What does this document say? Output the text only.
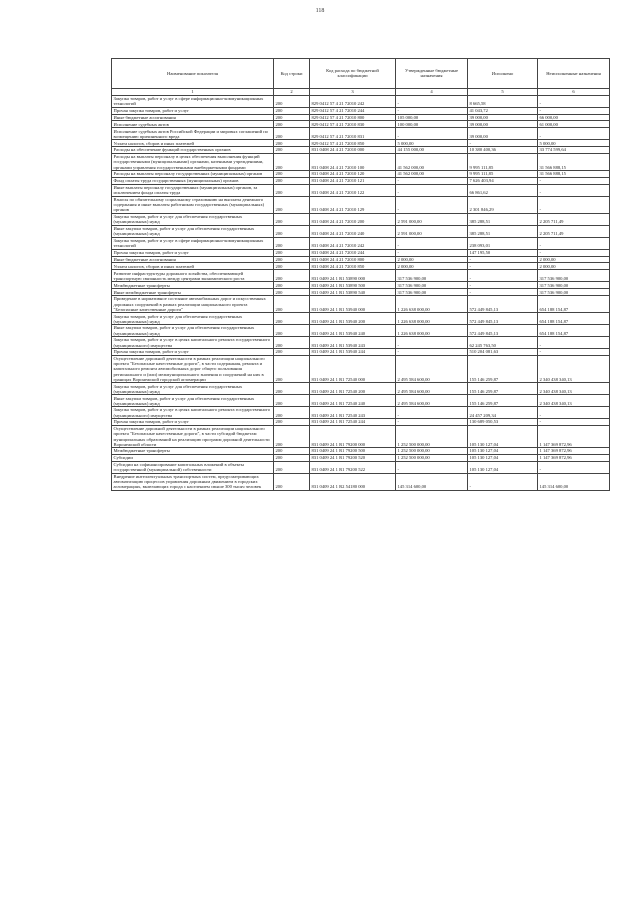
118
Наименование показателя	Код строки	Код расхода по бюджетной классификации	Утвержденные бюджетные назначения	Исполнено	Неисполненные назначения
1	2	3	4	5	6
Закупка товаров, работ и услуг в сфере информационно-коммуникационных технологий	200	829 0412 57 4 21 72010 242	-	8 665,58	-
Прочая закупка товаров, работ и услуг	200	829 0412 57 4 21 72010 244	-	41 043,72	-
Иные бюджетные ассигнования	200	829 0412 57 4 21 72010 800	105 000,00	39 000,00	66 000,00
Исполнение судебных актов	200	829 0412 57 4 21 72010 830	100 000,00	39 000,00	61 000,00
Исполнение судебных актов Российской Федерации и мировых соглашений по возмещению причиненного вреда	200	829 0412 57 4 21 72010 831	-	39 000,00	-
Уплата налогов, сборов и иных платежей	200	829 0412 57 4 21 72010 850	5 000,00	-	5 000,00
Расходы на обеспечение функций государственных органов	200	831 0408 24 4 21 72010 000	44 155 000,00	10 380 400,36	33 774 599,64
Расходы на выплаты персоналу в целях обеспечения выполнения функций государственными (муниципальными) органами, казенными учреждениями, органами управления государственными внебюджетными фондами	200	831 0408 24 4 21 72010 100	41 562 000,00	9 995 111,85	31 566 888,15
Расходы на выплаты персоналу государственных (муниципальных) органов	200	831 0408 24 4 21 72010 120	41 562 000,00	9 995 111,85	31 566 888,15
Фонд оплаты труда государственных (муниципальных) органов	200	831 0408 24 4 21 72010 121	-	7 626 403,94	-
Иные выплаты персоналу государственных (муниципальных) органов, за исключением фонда оплаты труда	200	831 0408 24 4 21 72010 122	-	66 861,62	-
Взносы по обязательному социальному страхованию на выплаты денежного содержания и иные выплаты работникам государственных (муниципальных) органов	200	831 0408 24 4 21 72010 129	-	2 301 846,29	-
Закупка товаров, работ и услуг для обеспечения государственных (муниципальных) нужд	200	831 0408 24 4 21 72010 200	2 591 000,00	385 288,51	2 205 711,49
Иные закупки товаров, работ и услуг для обеспечения государственных (муниципальных) нужд	200	831 0408 24 4 21 72010 240	2 591 000,00	385 288,51	2 205 711,49
Закупка товаров, работ и услуг в сфере информационно-коммуникационных технологий	200	831 0408 24 4 21 72010 242	-	238 093,01	-
Прочая закупка товаров, работ и услуг	200	831 0408 24 4 21 72010 244	-	147 195,50	-
Иные бюджетные ассигнования	200	831 0408 24 4 21 72010 800	2 000,00	-	2 000,00
Уплата налогов, сборов и иных платежей	200	831 0408 24 4 21 72010 850	2 000,00	-	2 000,00
Развитие инфраструктуры дорожного хозяйства, обеспечивающей транспортную связанность между центрами экономического роста	200	831 0409 24 1 R1 53890 000	317 536 900,00	-	317 536 900,00
Межбюджетные трансферты	200	831 0409 24 1 R1 53890 500	317 536 900,00	-	317 536 900,00
Иные межбюджетные трансферты	200	831 0409 24 1 R1 53890 540	317 536 900,00	-	317 536 900,00
Приведение в нормативное состояние автомобильных дорог и искусственных дорожных сооружений в рамках реализации национального проекта "Безопасные качественные дороги"	200	831 0409 24 1 R1 53940 000	1 226 638 000,00	572 449 845,13	654 188 154,87
Закупка товаров, работ и услуг для обеспечения государственных (муниципальных) нужд	200	831 0409 24 1 R1 53940 200	1 226 638 000,00	572 449 845,13	654 188 154,87
Иные закупки товаров, работ и услуг для обеспечения государственных (муниципальных) нужд	200	831 0409 24 1 R1 53940 240	1 226 638 000,00	572 449 845,13	654 188 154,87
Закупка товаров, работ и услуг в целях капитального ремонта государственного (муниципального) имущества	200	831 0409 24 1 R1 53940 243	-	62 245 763,50	-
Прочая закупка товаров, работ и услуг	200	831 0409 24 1 R1 53940 244	-	510 204 081,63	-
Осуществление дорожной деятельности в рамках реализации национального проекта "Безопасные качественные дороги", в части содержания, ремонта и капитального ремонта автомобильных дорог общего пользования регионального и (или) межмуниципального значения и сооружений на них в границах Воронежской городской агломерации	200	831 0409 24 1 R1 72540 000	2 495 584 600,00	155 146 259,87	2 340 438 340,13
Закупка товаров, работ и услуг для обеспечения государственных (муниципальных) нужд	200	831 0409 24 1 R1 72540 200	2 495 584 600,00	155 146 259,87	2 340 438 340,13
Иные закупки товаров, работ и услуг для обеспечения государственных (муниципальных) нужд	200	831 0409 24 1 R1 72540 240	2 495 584 600,00	155 146 259,87	2 340 438 340,13
Закупка товаров, работ и услуг в целях капитального ремонта государственного (муниципального) имущества	200	831 0409 24 1 R1 72540 243	-	24 457 209,34	-
Прочая закупка товаров, работ и услуг	200	831 0409 24 1 R1 72540 244	-	130 689 050,53	-
Осуществление дорожной деятельности в рамках реализации национального проекта "Безопасные качественные дороги", в части субсидий бюджетам муниципальных образований на реализацию программ дорожной деятельности Воронежской области	200	831 0409 24 1 R1 79200 000	1 252 500 000,00	105 130 127,04	1 147 369 872,96
Межбюджетные трансферты	200	831 0409 24 1 R1 79200 500	1 252 500 000,00	105 130 127,04	1 147 369 872,96
Субсидии	200	831 0409 24 1 R1 79200 520	1 252 500 000,00	105 130 127,04	1 147 369 872,96
Субсидии на софинансирование капитальных вложений в объекты государственной (муниципальной) собственности	200	831 0409 24 1 R1 79200 522	-	105 130 127,04	-
Внедрение интеллектуальных транспортных систем, предусматривающих автоматизацию процессов управления дорожным движением в городских агломерациях, включающих города с населением свыше 300 тысяч человек	200	831 0409 24 1 R2 54180 000	145 314 600,00	-	145 314 600,00
